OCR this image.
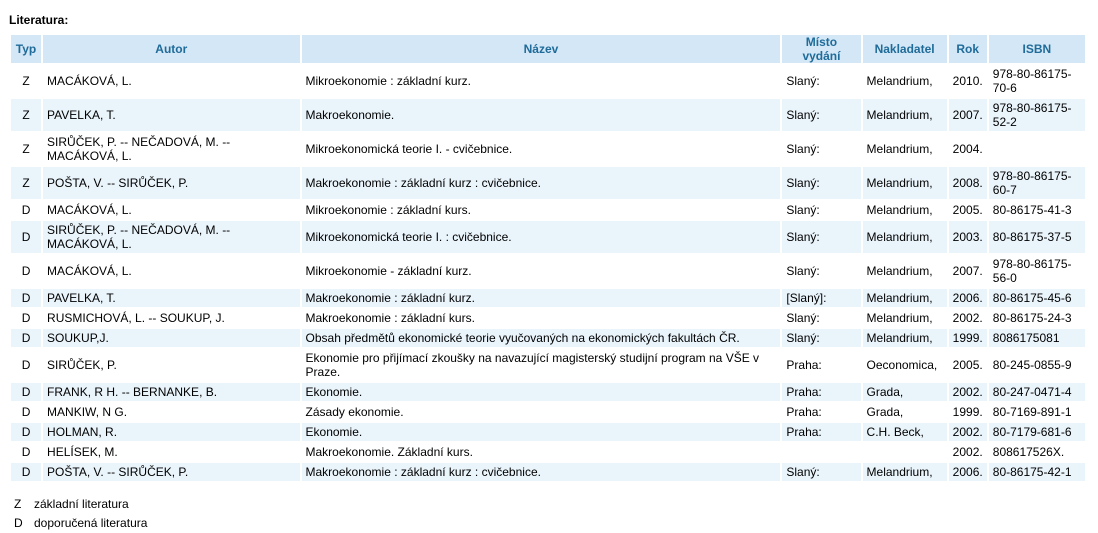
Literatura:
Typ	Autor	Název	Místo vydání	Nakladatel	Rok	ISBN
Z	MACÁKOVÁ, L.	Mikroekonomie : základní kurz.	Slaný:	Melandrium,	2010.	978-80-86175-70-6
Z	PAVELKA, T.	Makroekonomie.	Slaný:	Melandrium,	2007.	978-80-86175-52-2
Z	SIRŮČEK, P. -- NEČADOVÁ, M. -- MACÁKOVÁ, L.	Mikroekonomická teorie I. - cvičebnice.	Slaný:	Melandrium,	2004.	
Z	POŠTA, V. -- SIRŮČEK, P.	Makroekonomie : základní kurz : cvičebnice.	Slaný:	Melandrium,	2008.	978-80-86175-60-7
D	MACÁKOVÁ, L.	Mikroekonomie : základní kurs.	Slaný:	Melandrium,	2005.	80-86175-41-3
D	SIRŮČEK, P. -- NEČADOVÁ, M. -- MACÁKOVÁ, L.	Mikroekonomická teorie I. : cvičebnice.	Slaný:	Melandrium,	2003.	80-86175-37-5
D	MACÁKOVÁ, L.	Mikroekonomie - základní kurz.	Slaný:	Melandrium,	2007.	978-80-86175-56-0
D	PAVELKA, T.	Makroekonomie : základní kurz.	[Slaný]:	Melandrium,	2006.	80-86175-45-6
D	RUSMICHOVÁ, L. -- SOUKUP, J.	Makroekonomie : základní kurs.	Slaný:	Melandrium,	2002.	80-86175-24-3
D	SOUKUP,J.	Obsah předmětů ekonomické teorie vyučovaných na ekonomických fakultách ČR.	Slaný:	Melandrium,	1999.	8086175081
D	SIRŮČEK, P.	Ekonomie pro přijímací zkoušky na navazující magisterský studijní program na VŠE v Praze.	Praha:	Oeconomica,	2005.	80-245-0855-9
D	FRANK, R H. -- BERNANKE, B.	Ekonomie.	Praha:	Grada,	2002.	80-247-0471-4
D	MANKIW, N G.	Zásady ekonomie.	Praha:	Grada,	1999.	80-7169-891-1
D	HOLMAN, R.	Ekonomie.	Praha:	C.H. Beck,	2002.	80-7179-681-6
D	HELÍSEK, M.	Makroekonomie. Základní kurs.			2002.	808617526X.
D	POŠTA, V. -- SIRŮČEK, P.	Makroekonomie : základní kurz : cvičebnice.	Slaný:	Melandrium,	2006.	80-86175-42-1
Z základní literatura
D doporučená literatura
